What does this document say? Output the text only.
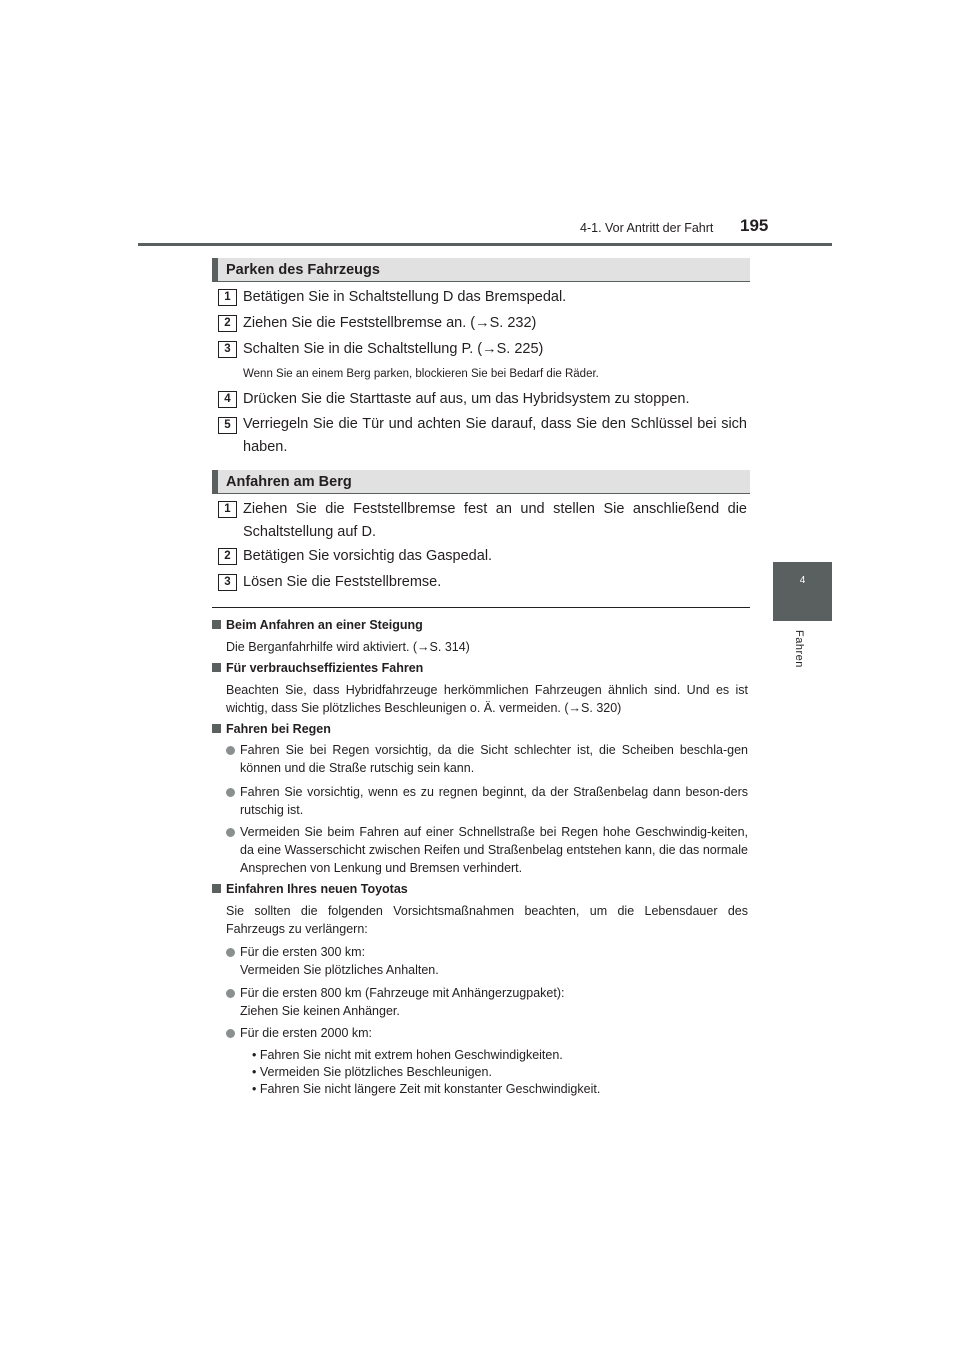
4-1. Vor Antritt der Fahrt	195
4
Fahren
Parken des Fahrzeugs
1 Betätigen Sie in Schaltstellung D das Bremspedal.
2 Ziehen Sie die Feststellbremse an. (→S. 232)
3 Schalten Sie in die Schaltstellung P. (→S. 225)
Wenn Sie an einem Berg parken, blockieren Sie bei Bedarf die Räder.
4 Drücken Sie die Starttaste auf aus, um das Hybridsystem zu stoppen.
5 Verriegeln Sie die Tür und achten Sie darauf, dass Sie den Schlüssel bei sich haben.
Anfahren am Berg
1 Ziehen Sie die Feststellbremse fest an und stellen Sie anschließend die Schaltstellung auf D.
2 Betätigen Sie vorsichtig das Gaspedal.
3 Lösen Sie die Feststellbremse.
Beim Anfahren an einer Steigung
Die Berganfahrhilfe wird aktiviert. (→S. 314)
Für verbrauchseffizientes Fahren
Beachten Sie, dass Hybridfahrzeuge herkömmlichen Fahrzeugen ähnlich sind. Und es ist wichtig, dass Sie plötzliches Beschleunigen o. Ä. vermeiden. (→S. 320)
Fahren bei Regen
Fahren Sie bei Regen vorsichtig, da die Sicht schlechter ist, die Scheiben beschla-gen können und die Straße rutschig sein kann.
Fahren Sie vorsichtig, wenn es zu regnen beginnt, da der Straßenbelag dann beson-ders rutschig ist.
Vermeiden Sie beim Fahren auf einer Schnellstraße bei Regen hohe Geschwindig-keiten, da eine Wasserschicht zwischen Reifen und Straßenbelag entstehen kann, die das normale Ansprechen von Lenkung und Bremsen verhindert.
Einfahren Ihres neuen Toyotas
Sie sollten die folgenden Vorsichtsmaßnahmen beachten, um die Lebensdauer des Fahrzeugs zu verlängern:
Für die ersten 300 km:
Vermeiden Sie plötzliches Anhalten.
Für die ersten 800 km (Fahrzeuge mit Anhängerzugpaket):
Ziehen Sie keinen Anhänger.
Für die ersten 2000 km:
• Fahren Sie nicht mit extrem hohen Geschwindigkeiten.
• Vermeiden Sie plötzliches Beschleunigen.
• Fahren Sie nicht längere Zeit mit konstanter Geschwindigkeit.
